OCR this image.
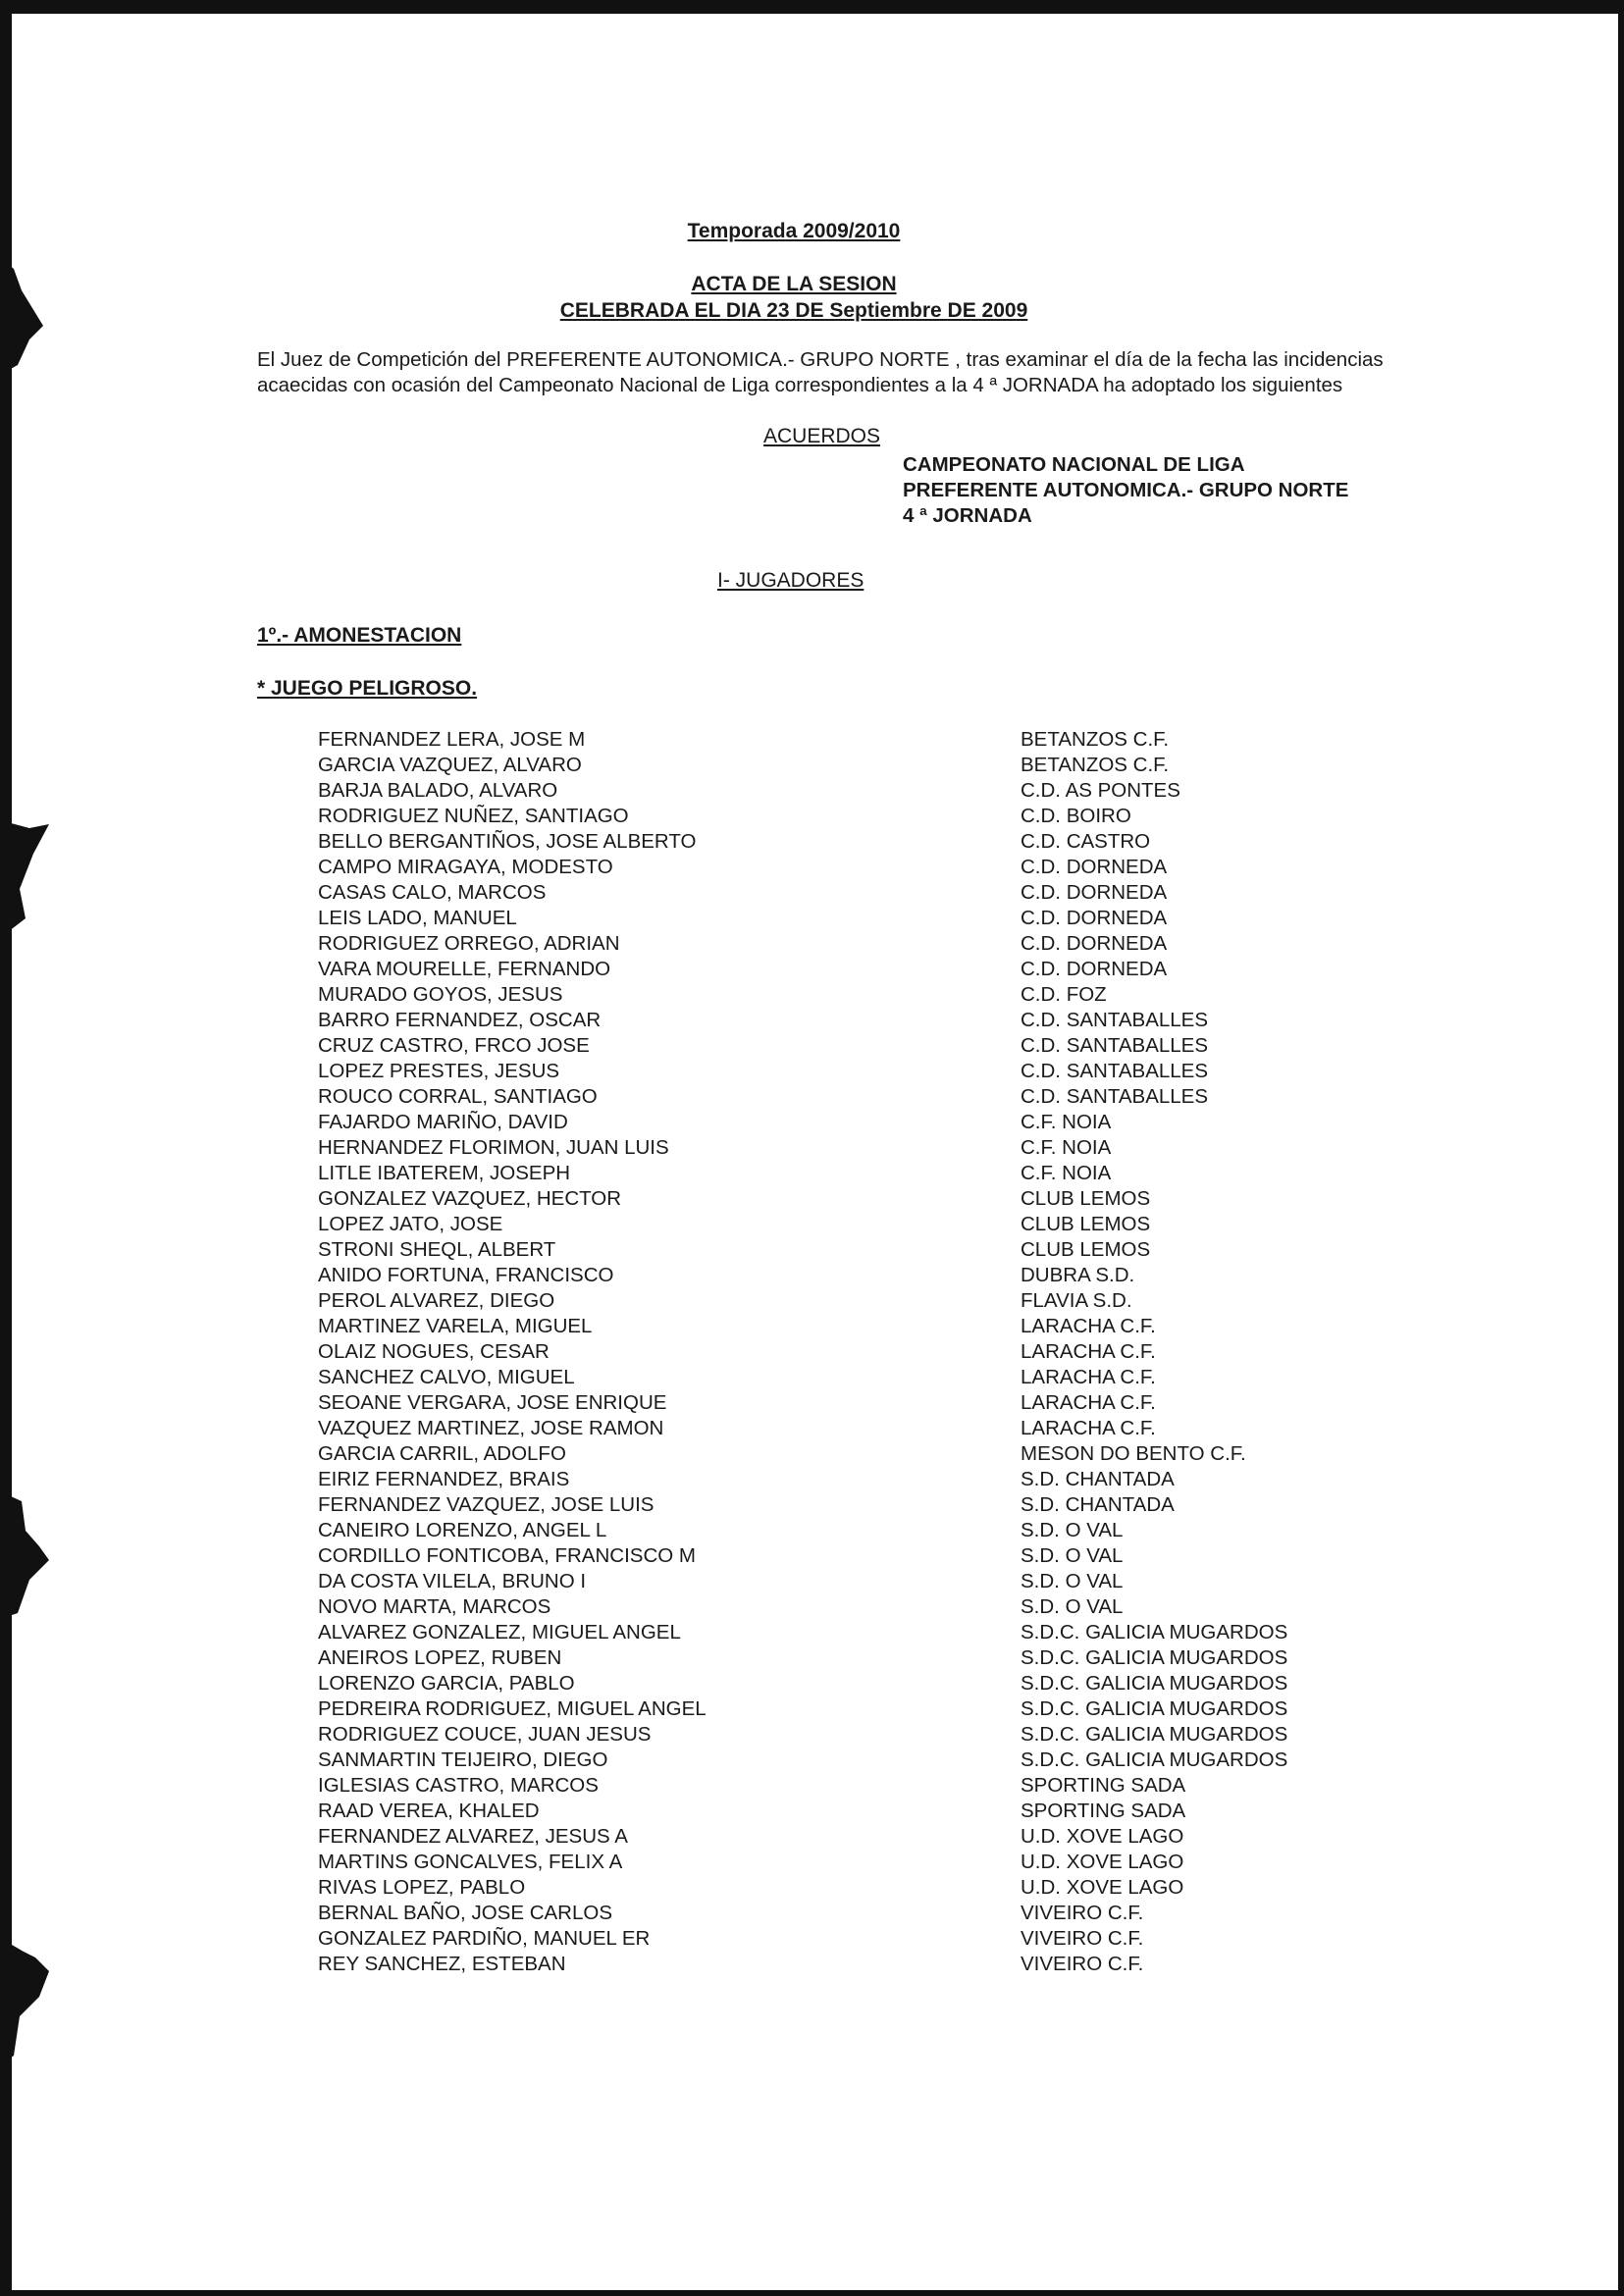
Temporada 2009/2010
ACTA DE LA SESION
CELEBRADA EL DIA 23 DE Septiembre DE 2009
El Juez de Competición del PREFERENTE AUTONOMICA.- GRUPO NORTE , tras examinar el día de la fecha las incidencias
acaecidas con ocasión del Campeonato Nacional de Liga correspondientes a la 4 ª JORNADA ha adoptado los siguientes
ACUERDOS
CAMPEONATO NACIONAL DE LIGA
PREFERENTE AUTONOMICA.- GRUPO NORTE
4 ª JORNADA
I- JUGADORES
1º.- AMONESTACION
* JUEGO PELIGROSO.
FERNANDEZ LERA, JOSE M	BETANZOS C.F.
GARCIA VAZQUEZ, ALVARO	BETANZOS C.F.
BARJA BALADO, ALVARO	C.D. AS PONTES
RODRIGUEZ NUÑEZ, SANTIAGO	C.D. BOIRO
BELLO BERGANTIÑOS, JOSE ALBERTO	C.D. CASTRO
CAMPO MIRAGAYA, MODESTO	C.D. DORNEDA
CASAS CALO, MARCOS	C.D. DORNEDA
LEIS LADO, MANUEL	C.D. DORNEDA
RODRIGUEZ ORREGO, ADRIAN	C.D. DORNEDA
VARA MOURELLE, FERNANDO	C.D. DORNEDA
MURADO GOYOS, JESUS	C.D. FOZ
BARRO FERNANDEZ, OSCAR	C.D. SANTABALLES
CRUZ CASTRO, FRCO JOSE	C.D. SANTABALLES
LOPEZ PRESTES, JESUS	C.D. SANTABALLES
ROUCO CORRAL, SANTIAGO	C.D. SANTABALLES
FAJARDO MARIÑO, DAVID	C.F. NOIA
HERNANDEZ FLORIMON, JUAN LUIS	C.F. NOIA
LITLE IBATEREM, JOSEPH	C.F. NOIA
GONZALEZ VAZQUEZ, HECTOR	CLUB LEMOS
LOPEZ JATO, JOSE	CLUB LEMOS
STRONI SHEQL, ALBERT	CLUB LEMOS
ANIDO FORTUNA, FRANCISCO	DUBRA S.D.
PEROL ALVAREZ, DIEGO	FLAVIA S.D.
MARTINEZ VARELA, MIGUEL	LARACHA C.F.
OLAIZ NOGUES, CESAR	LARACHA C.F.
SANCHEZ CALVO, MIGUEL	LARACHA C.F.
SEOANE VERGARA, JOSE ENRIQUE	LARACHA C.F.
VAZQUEZ MARTINEZ, JOSE RAMON	LARACHA C.F.
GARCIA CARRIL, ADOLFO	MESON DO BENTO C.F.
EIRIZ FERNANDEZ, BRAIS	S.D. CHANTADA
FERNANDEZ VAZQUEZ, JOSE LUIS	S.D. CHANTADA
CANEIRO LORENZO, ANGEL L	S.D. O VAL
CORDILLO FONTICOBA, FRANCISCO M	S.D. O VAL
DA COSTA VILELA, BRUNO I	S.D. O VAL
NOVO MARTA, MARCOS	S.D. O VAL
ALVAREZ GONZALEZ, MIGUEL ANGEL	S.D.C. GALICIA MUGARDOS
ANEIROS LOPEZ, RUBEN	S.D.C. GALICIA MUGARDOS
LORENZO GARCIA, PABLO	S.D.C. GALICIA MUGARDOS
PEDREIRA RODRIGUEZ, MIGUEL ANGEL	S.D.C. GALICIA MUGARDOS
RODRIGUEZ COUCE, JUAN JESUS	S.D.C. GALICIA MUGARDOS
SANMARTIN TEIJEIRO, DIEGO	S.D.C. GALICIA MUGARDOS
IGLESIAS CASTRO, MARCOS	SPORTING SADA
RAAD VEREA, KHALED	SPORTING SADA
FERNANDEZ ALVAREZ, JESUS A	U.D. XOVE LAGO
MARTINS GONCALVES, FELIX A	U.D. XOVE LAGO
RIVAS LOPEZ, PABLO	U.D. XOVE LAGO
BERNAL BAÑO, JOSE CARLOS	VIVEIRO C.F.
GONZALEZ PARDIÑO, MANUEL ER	VIVEIRO C.F.
REY SANCHEZ, ESTEBAN	VIVEIRO C.F.
